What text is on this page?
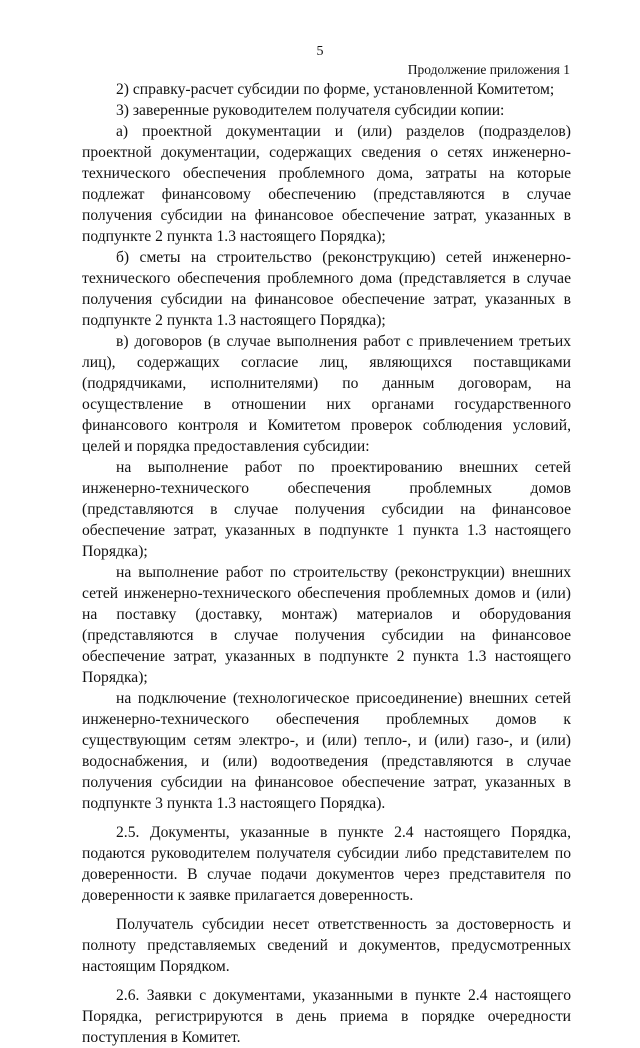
5
Продолжение приложения 1

2) справку-расчет субсидии по форме, установленной Комитетом;

3) заверенные руководителем получателя субсидии копии:

а) проектной документации и (или) разделов (подразделов) проектной документации, содержащих сведения о сетях инженерно-технического обеспечения проблемного дома, затраты на которые подлежат финансовому обеспечению (представляются в случае получения субсидии на финансовое обеспечение затрат, указанных в подпункте 2 пункта 1.3 настоящего Порядка);

б) сметы на строительство (реконструкцию) сетей инженерно-технического обеспечения проблемного дома (представляется в случае получения субсидии на финансовое обеспечение затрат, указанных в подпункте 2 пункта 1.3 настоящего Порядка);

в) договоров (в случае выполнения работ с привлечением третьих лиц), содержащих согласие лиц, являющихся поставщиками (подрядчиками, исполнителями) по данным договорам, на осуществление в отношении них органами государственного финансового контроля и Комитетом проверок соблюдения условий, целей и порядка предоставления субсидии:

на выполнение работ по проектированию внешних сетей инженерно-технического обеспечения проблемных домов (представляются в случае получения субсидии на финансовое обеспечение затрат, указанных в подпункте 1 пункта 1.3 настоящего Порядка);

на выполнение работ по строительству (реконструкции) внешних сетей инженерно-технического обеспечения проблемных домов и (или) на поставку (доставку, монтаж) материалов и оборудования (представляются в случае получения субсидии на финансовое обеспечение затрат, указанных в подпункте 2 пункта 1.3 настоящего Порядка);

на подключение (технологическое присоединение) внешних сетей инженерно-технического обеспечения проблемных домов к существующим сетям электро-, и (или) тепло-, и (или) газо-, и (или) водоснабжения, и (или) водоотведения (представляются в случае получения субсидии на финансовое обеспечение затрат, указанных в подпункте 3 пункта 1.3 настоящего Порядка).

2.5. Документы, указанные в пункте 2.4 настоящего Порядка, подаются руководителем получателя субсидии либо представителем по доверенности. В случае подачи документов через представителя по доверенности к заявке прилагается доверенность.

Получатель субсидии несет ответственность за достоверность и полноту представляемых сведений и документов, предусмотренных настоящим Порядком.

2.6. Заявки с документами, указанными в пункте 2.4 настоящего Порядка, регистрируются в день приема в порядке очередности поступления в Комитет.
